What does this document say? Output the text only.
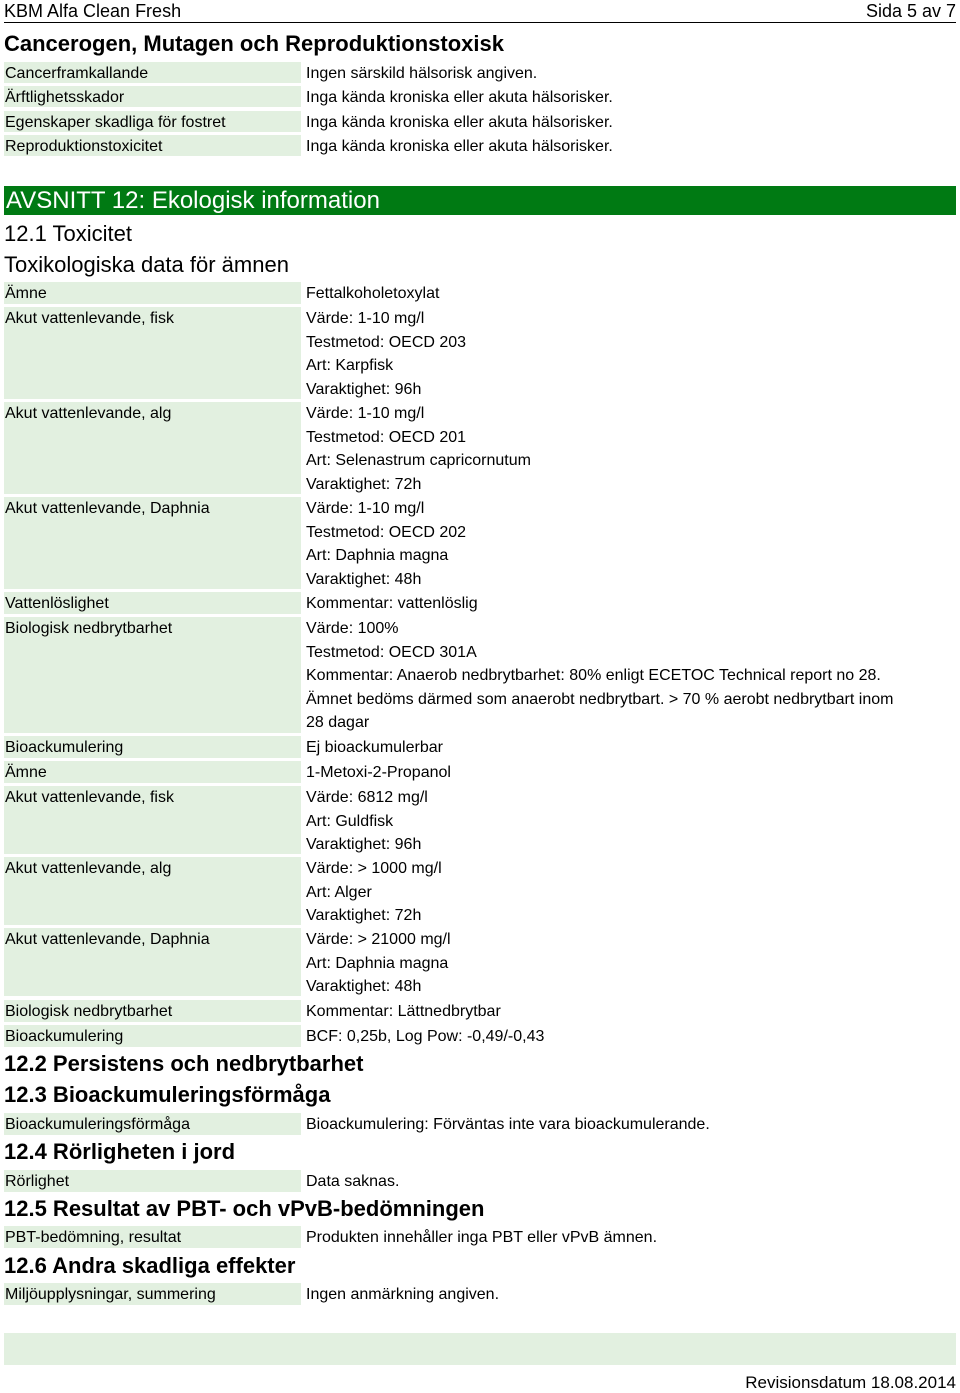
KBM Alfa Clean Fresh	Sida 5 av 7
Cancerogen, Mutagen och Reproduktionstoxisk
Cancerframkallande	Ingen särskild hälsorisk angiven.
Ärftlighetsskador	Inga kända kroniska eller akuta hälsorisker.
Egenskaper skadliga för fostret	Inga kända kroniska eller akuta hälsorisker.
Reproduktionstoxicitet	Inga kända kroniska eller akuta hälsorisker.
AVSNITT 12: Ekologisk information
12.1 Toxicitet
Toxikologiska data för ämnen
Ämne	Fettalkoholetoxylat
Akut vattenlevande, fisk	Värde: 1-10 mg/l
Testmetod: OECD 203
Art: Karpfisk
Varaktighet: 96h
Akut vattenlevande, alg	Värde: 1-10 mg/l
Testmetod: OECD 201
Art: Selenastrum capricornutum
Varaktighet: 72h
Akut vattenlevande, Daphnia	Värde: 1-10 mg/l
Testmetod: OECD 202
Art: Daphnia magna
Varaktighet: 48h
Vattenlöslighet	Kommentar: vattenlöslig
Biologisk nedbrytbarhet	Värde: 100%
Testmetod: OECD 301A
Kommentar: Anaerob nedbrytbarhet: 80% enligt ECETOC Technical report no 28. Ämnet bedöms därmed som anaerobt nedbrytbart. > 70 % aerobt nedbrytbart inom 28 dagar
Bioackumulering	Ej bioackumulerbar
Ämne	1-Metoxi-2-Propanol
Akut vattenlevande, fisk	Värde: 6812 mg/l
Art: Guldfisk
Varaktighet: 96h
Akut vattenlevande, alg	Värde: > 1000 mg/l
Art: Alger
Varaktighet: 72h
Akut vattenlevande, Daphnia	Värde: > 21000 mg/l
Art: Daphnia magna
Varaktighet: 48h
Biologisk nedbrytbarhet	Kommentar: Lättnedbrytbar
Bioackumulering	BCF: 0,25b, Log Pow: -0,49/-0,43
12.2 Persistens och nedbrytbarhet
12.3 Bioackumuleringsförmåga
Bioackumuleringsförmåga	Bioackumulering: Förväntas inte vara bioackumulerande.
12.4 Rörligheten i jord
Rörlighet	Data saknas.
12.5 Resultat av PBT- och vPvB-bedömningen
PBT-bedömning, resultat	Produkten innehåller inga PBT eller vPvB ämnen.
12.6 Andra skadliga effekter
Miljöupplysningar, summering	Ingen anmärkning angiven.
Revisionsdatum 18.08.2014
